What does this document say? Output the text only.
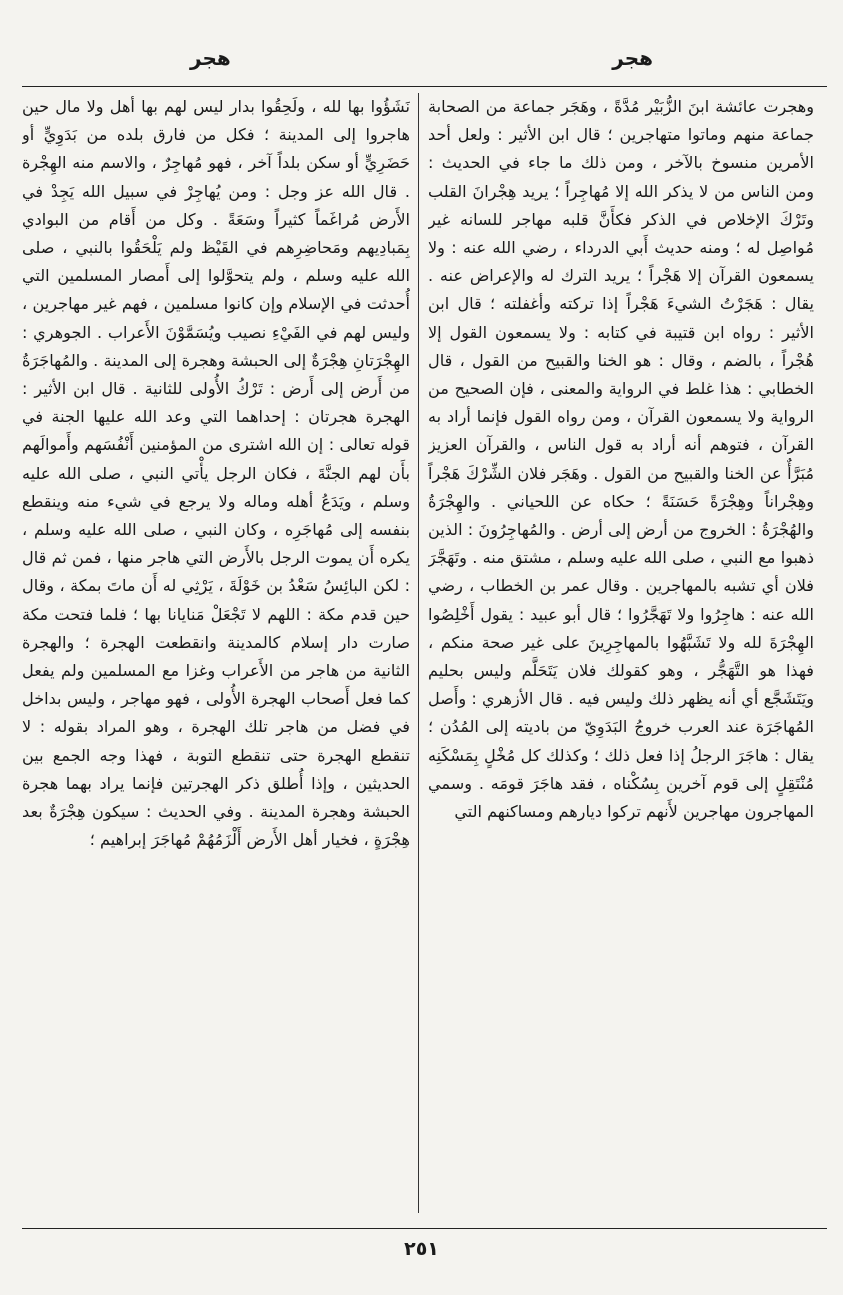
هجر
هجر

وهجرت عائشة ابنَ الزُّبَيْر مُدَّةً ، وهَجَر جماعة من الصحابة جماعة منهم وماتوا متهاجرين ؛ قال ابن الأثير : ولعل أحد الأمرين منسوخ بالآخر ، ومن ذلك ما جاء في الحديث : ومن الناس من لا يذكر الله إلا مُهاجِراً ؛ يريد هِجْرانَ القلب وتَرْكَ الإخلاص في الذكر فكأَنَّ قلبه مهاجر للسانه غير مُواصِل له ؛ ومنه حديث أَبي الدرداء ، رضي الله عنه : ولا يسمعون القرآن إلا هَجْراً ؛ يريد الترك له والإعراض عنه . يقال : هَجَرْتُ الشيءَ هَجْراً إذا تركته وأغفلته ؛ قال ابن الأثير : رواه ابن قتيبة في كتابه : ولا يسمعون القول إلا هُجْراً ، بالضم ، وقال : هو الخنا والقبيح من القول ، قال الخطابي : هذا غلط في الرواية والمعنى ، فإن الصحيح من الرواية ولا يسمعون القرآن ، ومن رواه القول فإنما أراد به القرآن ، فتوهم أنه أراد به قول الناس ، والقرآن العزيز مُبَرَّأٌ عن الخنا والقبيح من القول . وهَجَر فلان الشِّرْكَ هَجْراً وهِجْراناً وهِجْرَةً حَسَنَةً ؛ حكاه عن اللحياني . والهِجْرَةُ والهُجْرَةُ : الخروج من أرض إلى أرض . والمُهاجِرُونَ : الذين ذهبوا مع النبي ، صلى الله عليه وسلم ، مشتق منه . وتَهَجَّرَ فلان أي تشبه بالمهاجرين . وقال عمر بن الخطاب ، رضي الله عنه : هاجِرُوا ولا تَهَجَّرُوا ؛ قال أبو عبيد : يقول أَخْلِصُوا الهِجْرَةَ لله ولا تَشَبَّهُوا بالمهاجِرِينَ على غير صحة منكم ، فهذا هو التَّهَجُّر ، وهو كقولك فلان يَتَحَلَّم وليس بحليم ويَتَشَجَّع أي أنه يظهر ذلك وليس فيه . قال الأزهري : وأَصل المُهاجَرَة عند العرب خروجُ البَدَوِيّ من باديته إلى المُدُن ؛ يقال : هاجَرَ الرجلُ إذا فعل ذلك ؛ وكذلك كل مُخْلٍ بِمَسْكَنِه مُنْتَقِلٍ إلى قوم آخرين بِسُكْناه ، فقد هاجَرَ قومَه . وسمي المهاجرون مهاجرين لأَنهم تركوا ديارهم ومساكنهم التي

نَشَؤُوا بها لله ، ولَحِقُوا بدار ليس لهم بها أهل ولا مال حين هاجروا إلى المدينة ؛ فكل من فارق بلده من بَدَوِيٍّ أو حَضَرِيٍّ أو سكن بلداً آخر ، فهو مُهاجِرٌ ، والاسم منه الهِجْرة . قال الله عز وجل : ومن يُهاجِرْ في سبيل الله يَجِدْ في الأَرض مُراغَماً كثيراً وسَعَةً . وكل من أَقام من البوادي بِمَبادِيهم ومَحاضِرِهم في القَيْظ ولم يَلْحَقُوا بالنبي ، صلى الله عليه وسلم ، ولم يتحوَّلوا إلى أَمصار المسلمين التي أُحدثت في الإسلام وإن كانوا مسلمين ، فهم غير مهاجرين ، وليس لهم في الفَيْءِ نصيب ويُسَمَّوْنَ الأَعراب . الجوهري : الهِجْرَتانِ هِجْرَةٌ إلى الحبشة وهجرة إلى المدينة . والمُهاجَرَةُ من أَرض إلى أَرض : تَرْكُ الأُولى للثانية . قال ابن الأثير : الهجرة هجرتان : إحداهما التي وعد الله عليها الجنة في قوله تعالى : إن الله اشترى من المؤمنين أَنْفُسَهم وأَموالَهم بأَن لهم الجنَّةَ ، فكان الرجل يأْتي النبي ، صلى الله عليه وسلم ، ويَدَعُ أهله وماله ولا يرجع في شيء منه وينقطع بنفسه إلى مُهاجَرِه ، وكان النبي ، صلى الله عليه وسلم ، يكره أَن يموت الرجل بالأَرض التي هاجر منها ، فمن ثم قال : لكن البائِسُ سَعْدُ بن خَوْلَةَ ، يَرْثِي له أَن ماتَ بمكة ، وقال حين قدم مكة : اللهم لا تَجْعَلْ مَنايانا بها ؛ فلما فتحت مكة صارت دار إسلام كالمدينة وانقطعت الهجرة ؛ والهجرة الثانية من هاجر من الأَعراب وغزا مع المسلمين ولم يفعل كما فعل أَصحاب الهجرة الأُولى ، فهو مهاجر ، وليس بداخل في فضل من هاجر تلك الهجرة ، وهو المراد بقوله : لا تنقطع الهجرة حتى تنقطع التوبة ، فهذا وجه الجمع بين الحديثين ، وإذا أُطلق ذكر الهجرتين فإنما يراد بهما هجرة الحبشة وهجرة المدينة . وفي الحديث : سيكون هِجْرَةٌ بعد هِجْرَةٍ ، فخيار أهل الأَرض أَلْزَمُهُمْ مُهاجَرَ إبراهيم ؛

٢٥١
